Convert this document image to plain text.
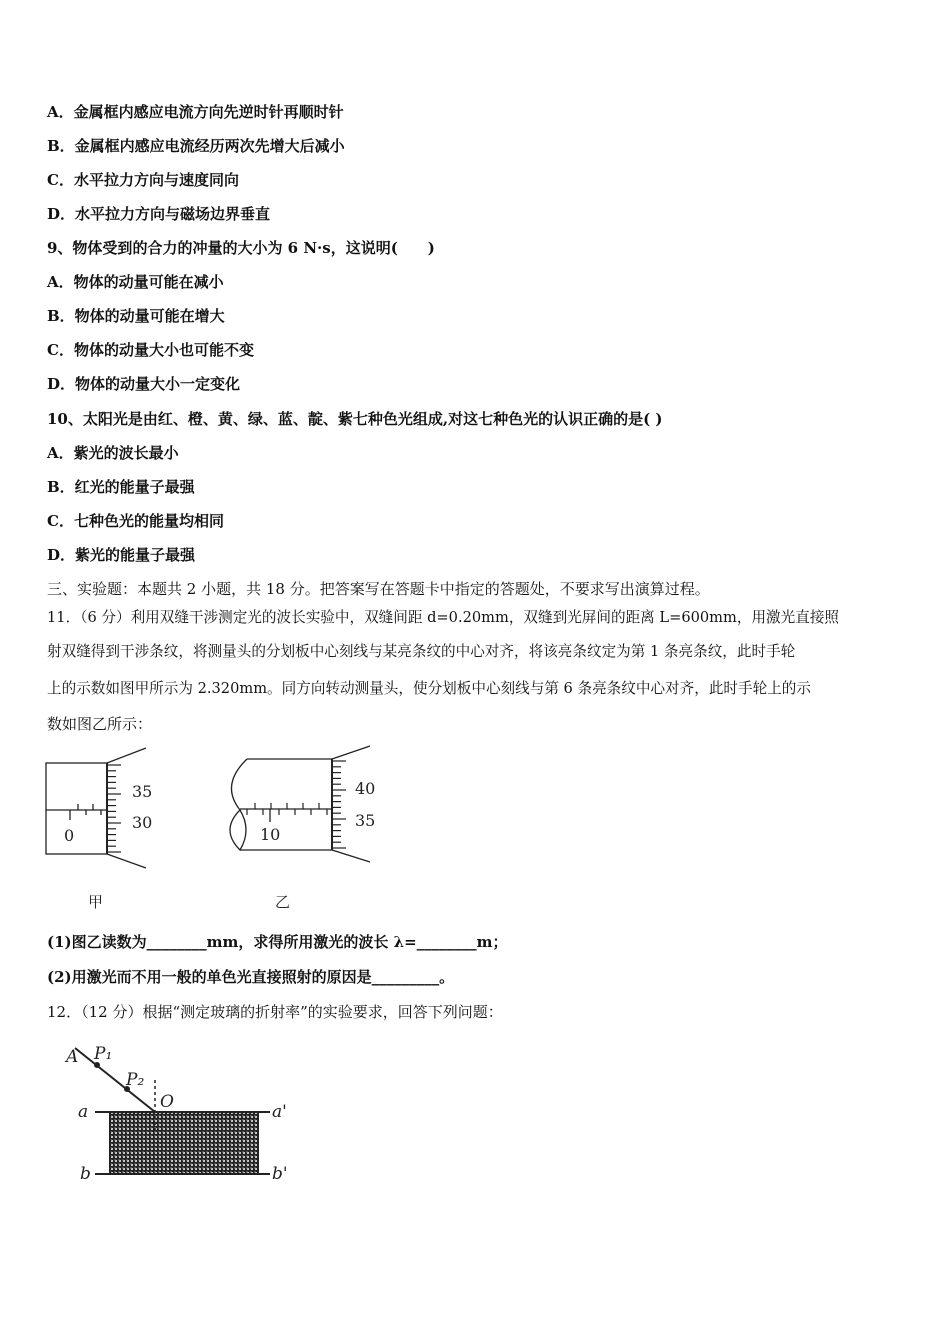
A．金属框内感应电流方向先逆时针再顺时针
B．金属框内感应电流经历两次先增大后减小
C．水平拉力方向与速度同向
D．水平拉力方向与磁场边界垂直
9、物体受到的合力的冲量的大小为 6 N·s，这说明(　　)
A．物体的动量可能在减小
B．物体的动量可能在增大
C．物体的动量大小也可能不变
D．物体的动量大小一定变化
10、太阳光是由红、橙、黄、绿、蓝、靛、紫七种色光组成,对这七种色光的认识正确的是( )
A．紫光的波长最小
B．红光的能量子最强
C．七种色光的能量均相同
D．紫光的能量子最强
三、实验题：本题共 2 小题，共 18 分。把答案写在答题卡中指定的答题处，不要求写出演算过程。
11．（6 分）利用双缝干涉测定光的波长实验中，双缝间距 d=0.20mm，双缝到光屏间的距离 L=600mm，用激光直接照
射双缝得到干涉条纹，将测量头的分划板中心刻线与某亮条纹的中心对齐，将该亮条纹定为第 1 条亮条纹，此时手轮
上的示数如图甲所示为 2.320mm。同方向转动测量头，使分划板中心刻线与第 6 条亮条纹中心对齐，此时手轮上的示
数如图乙所示：
35
30
0
甲
40
35
10
乙
(1)图乙读数为________mm，求得所用激光的波长 λ=________m；
(2)用激光而不用一般的单色光直接照射的原因是_________。
12．（12 分）根据“测定玻璃的折射率”的实验要求，回答下列问题：
A P₁
P₂
O
a	a'
b	b'
